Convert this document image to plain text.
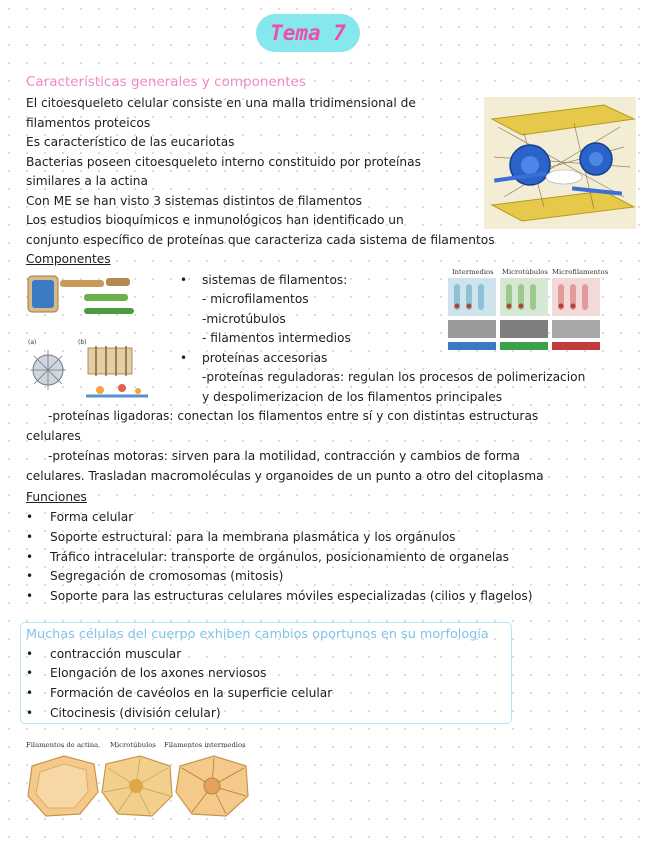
Tema 7
Características generales y componentes
El citoesqueleto celular consiste en una malla tridimensional de
filamentos proteicos
Es característico de las eucariotas
Bacterias poseen citoesqueleto interno constituido por proteínas
similares a la actina
Con ME se han visto 3 sistemas distintos de filamentos
Los estudios bioquímicos e inmunológicos han identificado un
conjunto específico de proteínas que caracteriza cada sistema de filamentos
Componentes
(a)	(b)
• sistemas de filamentos:
- microfilamentos
-microtúbulos
- filamentos intermedios
• proteínas accesorias
-proteínas reguladoras: regulan los procesos de polimerizacion
y despolimerizacion de los filamentos principales
-proteínas ligadoras: conectan los filamentos entre sí y con distintas estructuras
celulares
-proteínas motoras: sirven para la motilidad, contracción y cambios de forma
celulares. Trasladan macromoléculas y organoides de un punto a otro del citoplasma
Intermedios Microtúbulos Microfilamentos
Funciones
• Forma celular
• Soporte estructural: para la membrana plasmática y los orgánulos
• Tráfico intracelular: transporte de orgánulos, posicionamiento de organelas
• Segregación de cromosomas (mitosis)
• Soporte para las estructuras celulares móviles especializadas (cilios y flagelos)
Muchas células del cuerpo exhiben cambios oportunos en su morfología
• contracción muscular
• Elongación de los axones nerviosos
• Formación de cavéolos en la superficie celular
• Citocinesis (división celular)
Filamentos de actina Microtúbulos Filamentos intermedios
